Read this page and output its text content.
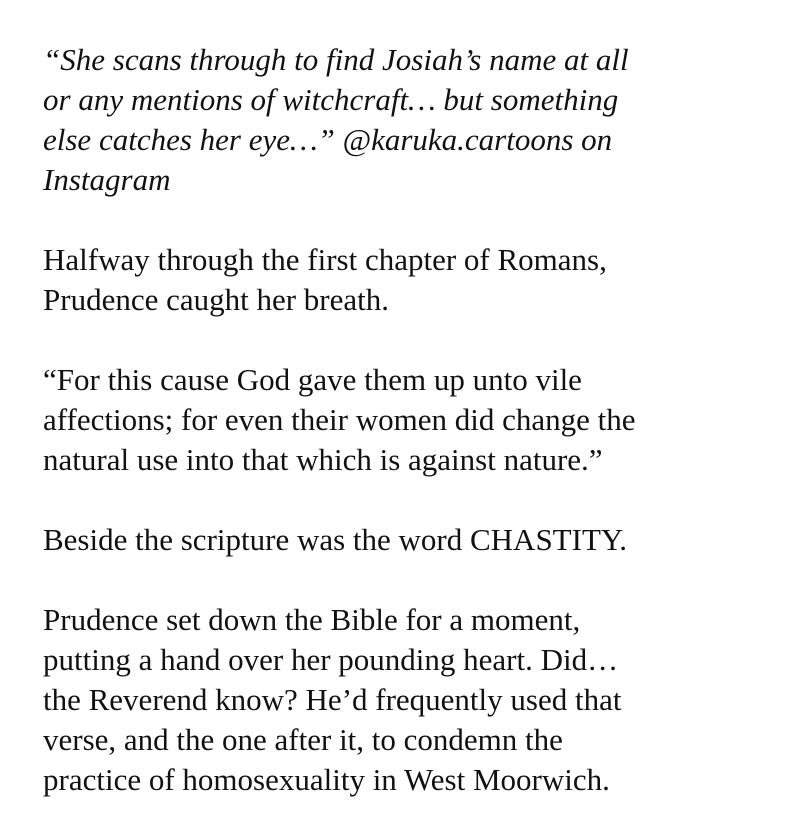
“She scans through to find Josiah’s name at all
or any mentions of witchcraft… but something
else catches her eye…” @karuka.cartoons on
Instagram

Halfway through the first chapter of Romans,
Prudence caught her breath.

“For this cause God gave them up unto vile
affections; for even their women did change the
natural use into that which is against nature.”

Beside the scripture was the word CHASTITY.

Prudence set down the Bible for a moment,
putting a hand over her pounding heart. Did…
the Reverend know? He’d frequently used that
verse, and the one after it, to condemn the
practice of homosexuality in West Moorwich.
